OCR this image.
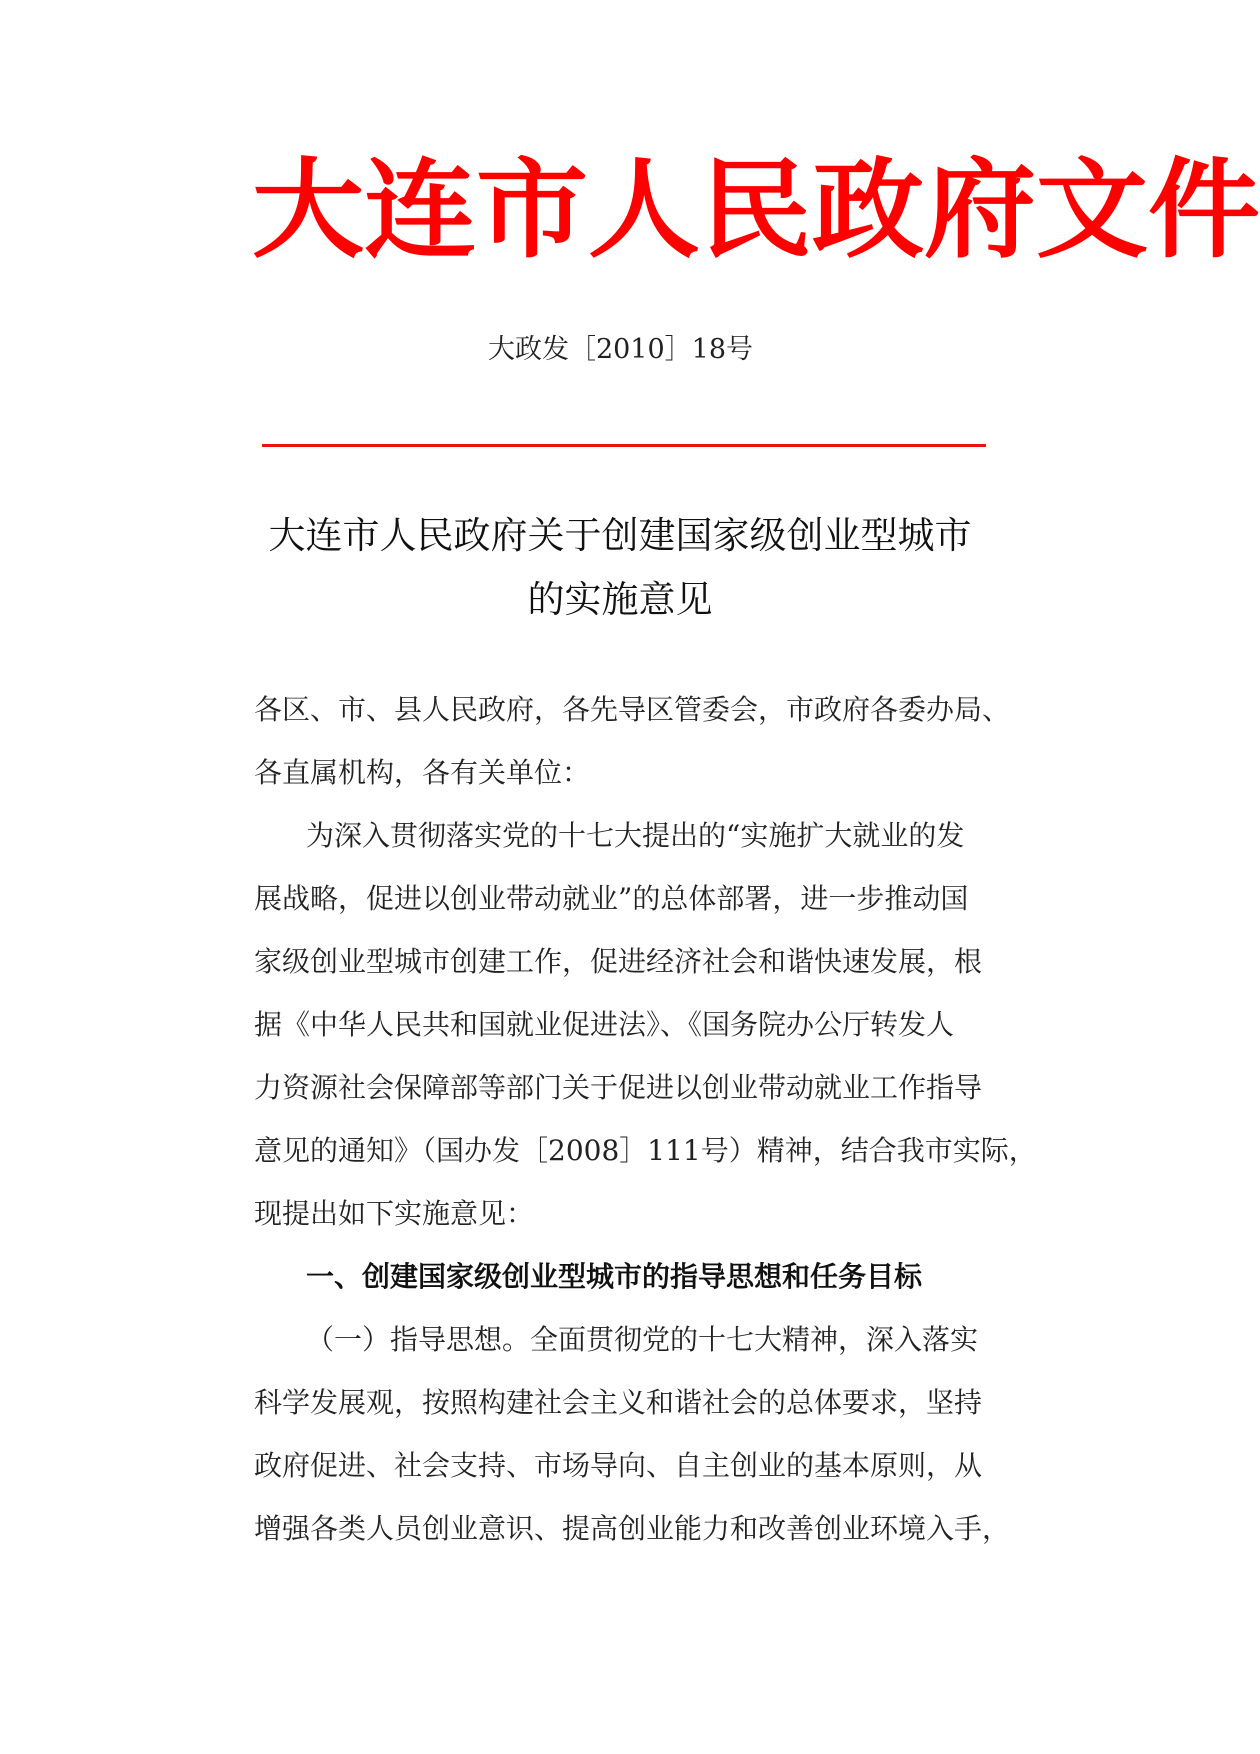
大连市人民政府文件
大政发［2010］18号
大连市人民政府关于创建国家级创业型城市
的实施意见
各区、市、县人民政府，各先导区管委会，市政府各委办局、
各直属机构，各有关单位：
为深入贯彻落实党的十七大提出的“实施扩大就业的发
展战略，促进以创业带动就业”的总体部署，进一步推动国
家级创业型城市创建工作，促进经济社会和谐快速发展，根
据《中华人民共和国就业促进法》、《国务院办公厅转发人
力资源社会保障部等部门关于促进以创业带动就业工作指导
意见的通知》（国办发［2008］111号）精神，结合我市实际，
现提出如下实施意见：
一、创建国家级创业型城市的指导思想和任务目标
（一）指导思想。全面贯彻党的十七大精神，深入落实
科学发展观，按照构建社会主义和谐社会的总体要求，坚持
政府促进、社会支持、市场导向、自主创业的基本原则，从
增强各类人员创业意识、提高创业能力和改善创业环境入手，
